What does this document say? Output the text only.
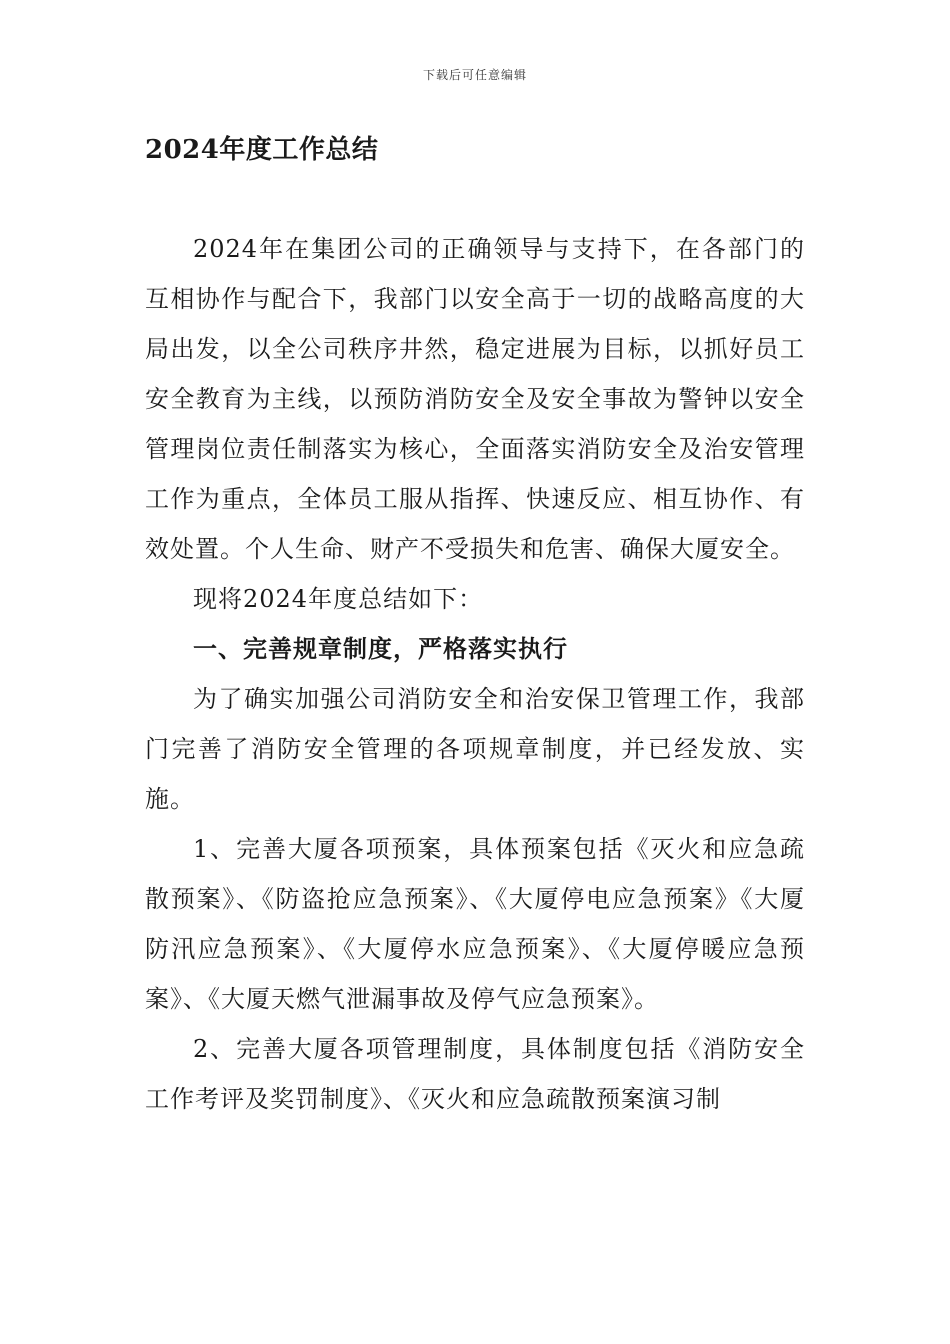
下载后可任意编辑
2024年度工作总结

2024年在集团公司的正确领导与支持下，在各部门的互相协作与配合下，我部门以安全高于一切的战略高度的大局出发，以全公司秩序井然，稳定进展为目标，以抓好员工安全教育为主线，以预防消防安全及安全事故为警钟以安全管理岗位责任制落实为核心，全面落实消防安全及治安管理工作为重点，全体员工服从指挥、快速反应、相互协作、有效处置。个人生命、财产不受损失和危害、确保大厦安全。

现将2024年度总结如下：

一、完善规章制度，严格落实执行

为了确实加强公司消防安全和治安保卫管理工作，我部门完善了消防安全管理的各项规章制度，并已经发放、实施。

1、完善大厦各项预案，具体预案包括《灭火和应急疏散预案》、《防盗抢应急预案》、《大厦停电应急预案》《大厦防汛应急预案》、《大厦停水应急预案》、《大厦停暖应急预案》、《大厦天燃气泄漏事故及停气应急预案》。

2、完善大厦各项管理制度，具体制度包括《消防安全工作考评及奖罚制度》、《灭火和应急疏散预案演习制
